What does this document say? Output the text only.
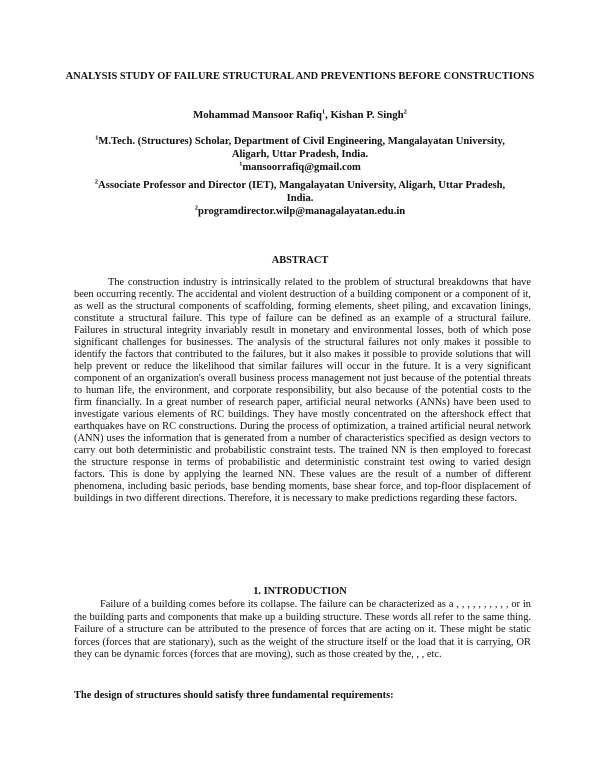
ANALYSIS STUDY OF FAILURE STRUCTURAL AND PREVENTIONS BEFORE CONSTRUCTIONS
Mohammad Mansoor Rafiq$^1$, Kishan P. Singh$^2$
$^1$M.Tech. (Structures) Scholar, Department of Civil Engineering, Mangalayatan University,
Aligarh, Uttar Pradesh, India.
$^1$mansoorrafiq@gmail.com
$^2$Associate Professor and Director (IET), Mangalayatan University, Aligarh, Uttar Pradesh,
India.
$^2$programdirector.wilp@managalayatan.edu.in
ABSTRACT
The construction industry is intrinsically related to the problem of structural breakdowns that have been occurring recently. The accidental and violent destruction of a building component or a component of it, as well as the structural components of scaffolding, forming elements, sheet piling, and excavation linings, constitute a structural failure. This type of failure can be defined as an example of a structural failure. Failures in structural integrity invariably result in monetary and environmental losses, both of which pose significant challenges for businesses. The analysis of the structural failures not only makes it possible to identify the factors that contributed to the failures, but it also makes it possible to provide solutions that will help prevent or reduce the likelihood that similar failures will occur in the future. It is a very significant component of an organization's overall business process management not just because of the potential threats to human life, the environment, and corporate responsibility, but also because of the potential costs to the firm financially. In a great number of research paper, artificial neural networks (ANNs) have been used to investigate various elements of RC buildings. They have mostly concentrated on the aftershock effect that earthquakes have on RC constructions. During the process of optimization, a trained artificial neural network (ANN) uses the information that is generated from a number of characteristics specified as design vectors to carry out both deterministic and probabilistic constraint tests. The trained NN is then employed to forecast the structure response in terms of probabilistic and deterministic constraint test owing to varied design factors. This is done by applying the learned NN. These values are the result of a number of different phenomena, including basic periods, base bending moments, base shear force, and top-floor displacement of buildings in two different directions. Therefore, it is necessary to make predictions regarding these factors.
1. INTRODUCTION
Failure of a building comes before its collapse. The failure can be characterized as a , , , , , , , , , , or in the building parts and components that make up a building structure. These words all refer to the same thing. Failure of a structure can be attributed to the presence of forces that are acting on it. These might be static forces (forces that are stationary), such as the weight of the structure itself or the load that it is carrying, OR they can be dynamic forces (forces that are moving), such as those created by the, , , etc.
The design of structures should satisfy three fundamental requirements:
